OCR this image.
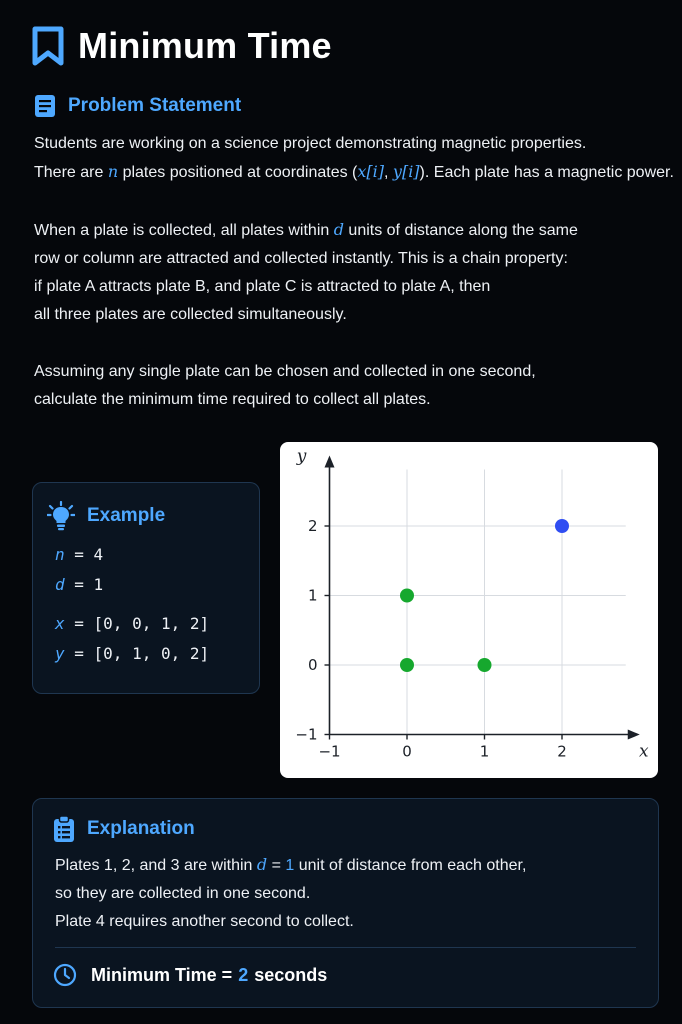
Minimum Time
Problem Statement
Students are working on a science project demonstrating magnetic properties.
There are n plates positioned at coordinates (x[i], y[i]). Each plate has a magnetic power.
When a plate is collected, all plates within d units of distance along the same
row or column are attracted and collected instantly. This is a chain property:
if plate A attracts plate B, and plate C is attracted to plate A, then
all three plates are collected simultaneously.
Assuming any single plate can be chosen and collected in one second,
calculate the minimum time required to collect all plates.
Example
n = 4
d = 1
x = [0, 0, 1, 2]
y = [0, 1, 0, 2]
−1	0	1	2
−1
0
1
2
x
y
Explanation
Plates 1, 2, and 3 are within d = 1 unit of distance from each other,
so they are collected in one second.
Plate 4 requires another second to collect.
Minimum Time = 2 seconds
